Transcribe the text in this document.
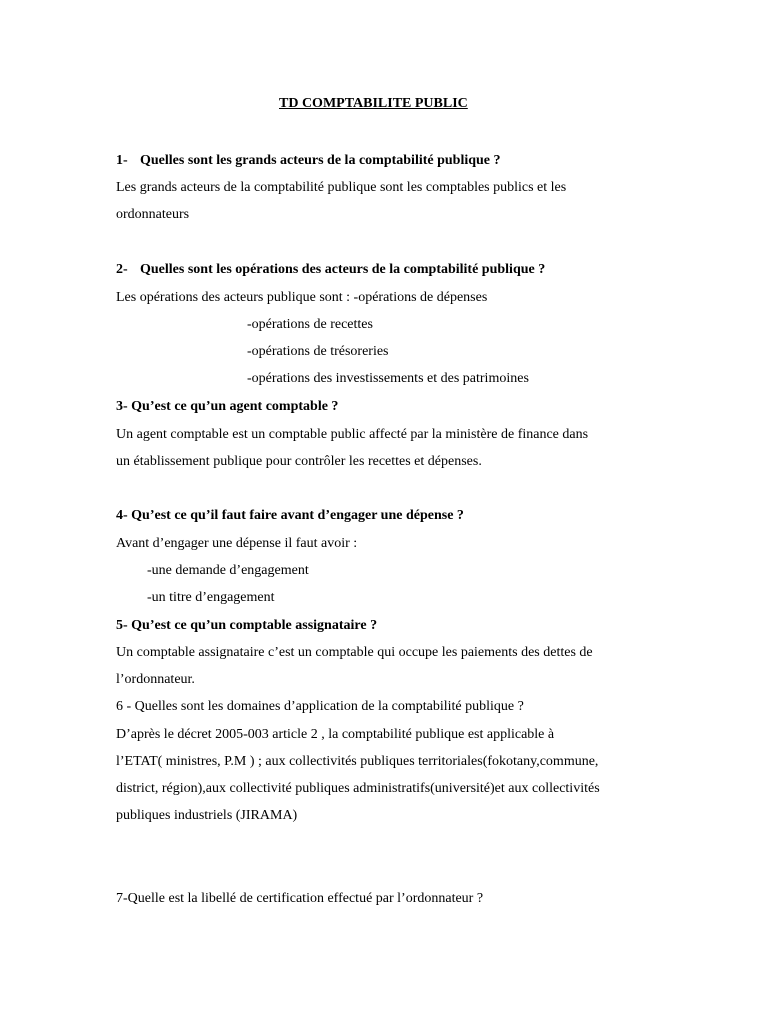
TD COMPTABILITE PUBLIC
1- Quelles sont les grands acteurs de la comptabilité publique ?
Les grands acteurs de la comptabilité publique sont les comptables publics et les
ordonnateurs
2- Quelles sont les opérations des acteurs de la comptabilité publique ?
Les opérations des acteurs publique sont : -opérations de dépenses
-opérations de recettes
-opérations de trésoreries
-opérations des investissements et des patrimoines
3- Qu’est ce qu’un agent comptable ?
Un agent comptable est un comptable public affecté par la ministère de finance dans
un établissement publique pour contrôler les recettes et dépenses.
4- Qu’est ce qu’il faut faire avant d’engager une dépense ?
Avant d’engager une dépense il faut avoir :
-une demande d’engagement
-un titre d’engagement
5- Qu’est ce qu’un comptable assignataire ?
Un comptable assignataire c’est un comptable qui occupe les paiements des dettes de
l’ordonnateur.
6 - Quelles sont les domaines d’application de la comptabilité publique ?
D’après le décret 2005-003 article 2 , la comptabilité publique est applicable à
l’ETAT( ministres, P.M ) ; aux collectivités publiques territoriales(fokotany,commune,
district, région),aux collectivité publiques administratifs(université)et aux collectivités
publiques industriels (JIRAMA)
7-Quelle est la libellé de certification effectué par l’ordonnateur ?
